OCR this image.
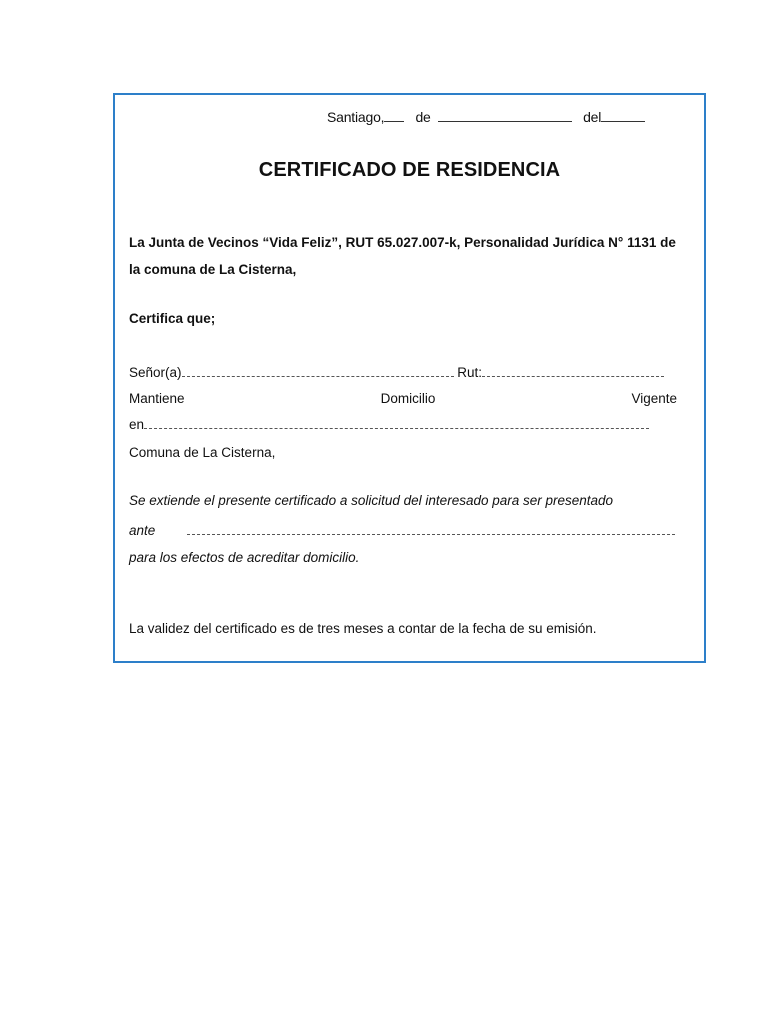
Santiago, de	del
CERTIFICADO DE RESIDENCIA
La Junta de Vecinos “Vida Feliz”, RUT 65.027.007-k, Personalidad Jurídica N° 1131 de la comuna de La Cisterna,
Certifica que;
Señor(a)	Rut:
Mantiene	Domicilio	Vigente
en
Comuna de La Cisterna,
Se extiende el presente certificado a solicitud del interesado para ser presentado
ante
para los efectos de acreditar domicilio.
La validez del certificado es de tres meses a contar de la fecha de su emisión.
